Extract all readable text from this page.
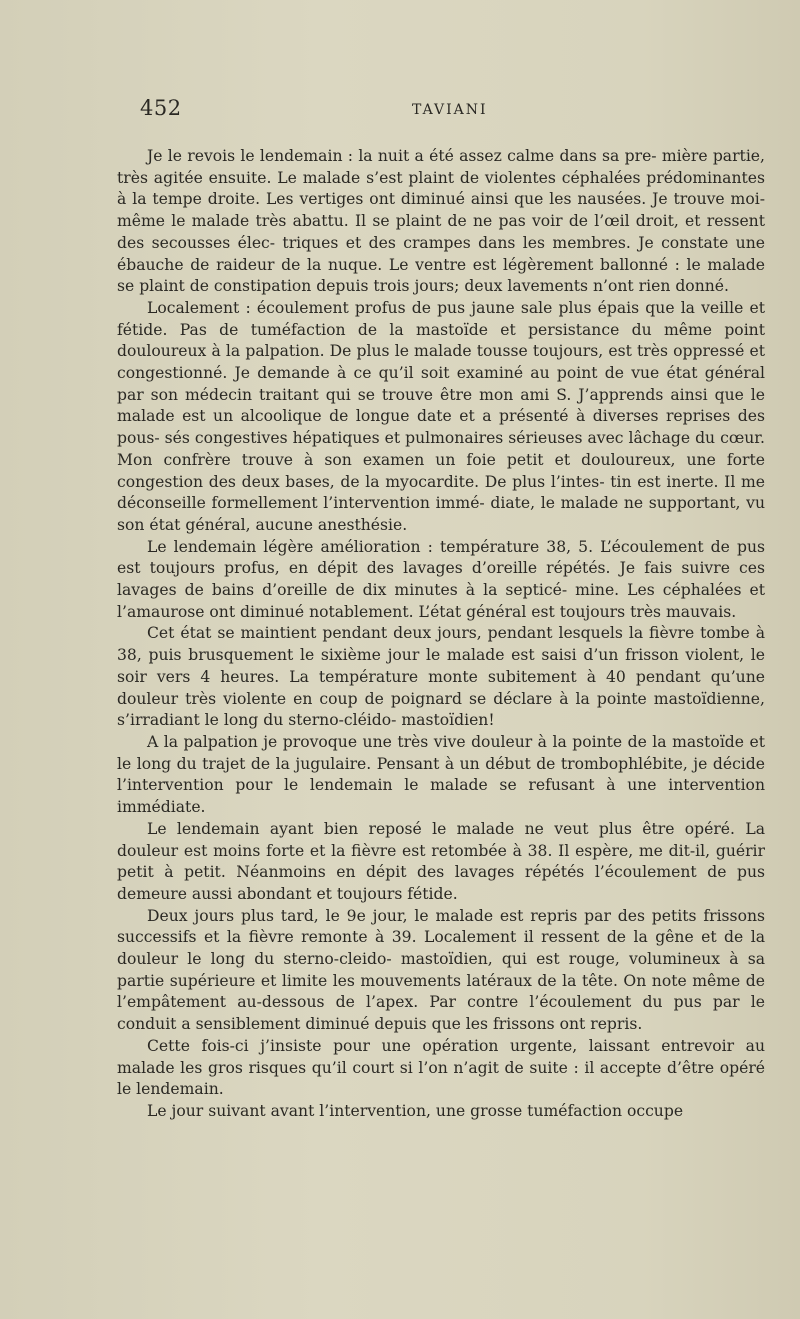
452	TAVIANI

Je le revois le lendemain : la nuit a été assez calme dans sa pre- mière partie, très agitée ensuite. Le malade s’est plaint de violentes céphalées prédominantes à la tempe droite. Les vertiges ont diminué ainsi que les nausées. Je trouve moi-même le malade très abattu. Il se plaint de ne pas voir de l’œil droit, et ressent des secousses élec- triques et des crampes dans les membres. Je constate une ébauche de raideur de la nuque. Le ventre est légèrement ballonné : le malade se plaint de constipation depuis trois jours; deux lavements n’ont rien donné.

Localement : écoulement profus de pus jaune sale plus épais que la veille et fétide. Pas de tuméfaction de la mastoïde et persistance du même point douloureux à la palpation. De plus le malade tousse toujours, est très oppressé et congestionné. Je demande à ce qu’il soit examiné au point de vue état général par son médecin traitant qui se trouve être mon ami S. J’apprends ainsi que le malade est un alcoolique de longue date et a présenté à diverses reprises des pous- sés congestives hépatiques et pulmonaires sérieuses avec lâchage du cœur. Mon confrère trouve à son examen un foie petit et douloureux, une forte congestion des deux bases, de la myocardite. De plus l’intes- tin est inerte. Il me déconseille formellement l’intervention immé- diate, le malade ne supportant, vu son état général, aucune anesthésie.

Le lendemain légère amélioration : température 38, 5. L’écoulement de pus est toujours profus, en dépit des lavages d’oreille répétés. Je fais suivre ces lavages de bains d’oreille de dix minutes à la septicé- mine. Les céphalées et l’amaurose ont diminué notablement. L’état général est toujours très mauvais.

Cet état se maintient pendant deux jours, pendant lesquels la fièvre tombe à 38, puis brusquement le sixième jour le malade est saisi d’un frisson violent, le soir vers 4 heures. La température monte subitement à 40 pendant qu’une douleur très violente en coup de poignard se déclare à la pointe mastoïdienne, s’irradiant le long du sterno-cléido- mastoïdien!

A la palpation je provoque une très vive douleur à la pointe de la mastoïde et le long du trajet de la jugulaire. Pensant à un début de trombophlébite, je décide l’intervention pour le lendemain le malade se refusant à une intervention immédiate.

Le lendemain ayant bien reposé le malade ne veut plus être opéré. La douleur est moins forte et la fièvre est retombée à 38. Il espère, me dit-il, guérir petit à petit. Néanmoins en dépit des lavages répétés l’écoulement de pus demeure aussi abondant et toujours fétide.

Deux jours plus tard, le 9e jour, le malade est repris par des petits frissons successifs et la fièvre remonte à 39. Localement il ressent de la gêne et de la douleur le long du sterno-cleido- mastoïdien, qui est rouge, volumineux à sa partie supérieure et limite les mouvements latéraux de la tête. On note même de l’empâtement au-dessous de l’apex. Par contre l’écoulement du pus par le conduit a sensiblement diminué depuis que les frissons ont repris.

Cette fois-ci j’insiste pour une opération urgente, laissant entrevoir au malade les gros risques qu’il court si l’on n’agit de suite : il accepte d’être opéré le lendemain.

Le jour suivant avant l’intervention, une grosse tuméfaction occupe
